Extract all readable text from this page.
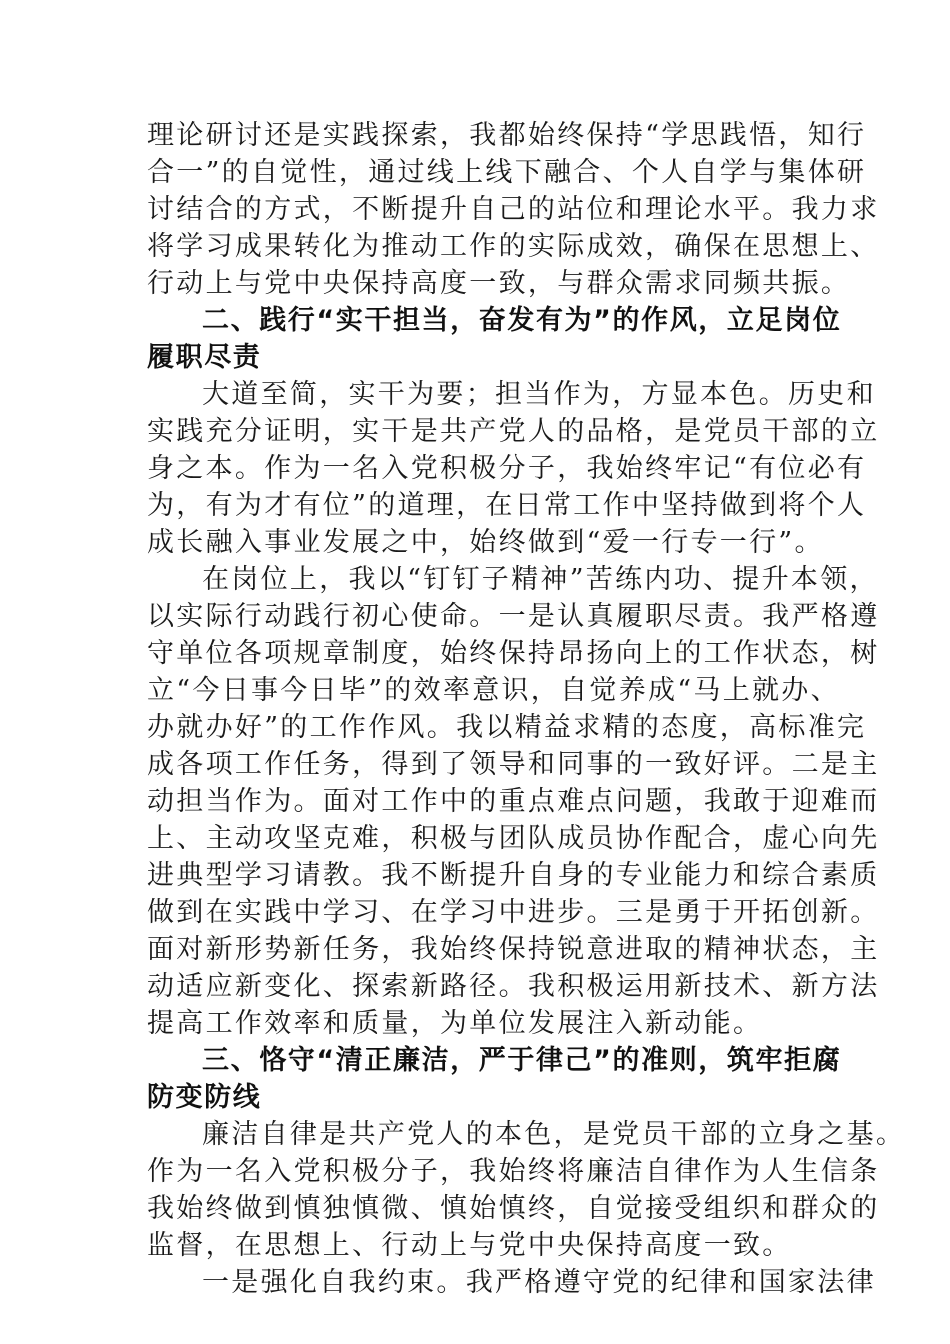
理论研讨还是实践探索，我都始终保持“学思践悟，知行
合一”的自觉性，通过线上线下融合、个人自学与集体研
讨结合的方式，不断提升自己的站位和理论水平。我力求
将学习成果转化为推动工作的实际成效，确保在思想上、
行动上与党中央保持高度一致，与群众需求同频共振。
二、践行“实干担当，奋发有为”的作风，立足岗位
履职尽责
大道至简，实干为要；担当作为，方显本色。历史和
实践充分证明，实干是共产党人的品格，是党员干部的立
身之本。作为一名入党积极分子，我始终牢记“有位必有
为，有为才有位”的道理，在日常工作中坚持做到将个人
成长融入事业发展之中，始终做到“爱一行专一行”。
在岗位上，我以“钉钉子精神”苦练内功、提升本领，
以实际行动践行初心使命。一是认真履职尽责。我严格遵
守单位各项规章制度，始终保持昂扬向上的工作状态，树
立“今日事今日毕”的效率意识，自觉养成“马上就办、
办就办好”的工作作风。我以精益求精的态度，高标准完
成各项工作任务，得到了领导和同事的一致好评。二是主
动担当作为。面对工作中的重点难点问题，我敢于迎难而
上、主动攻坚克难，积极与团队成员协作配合，虚心向先
进典型学习请教。我不断提升自身的专业能力和综合素质
做到在实践中学习、在学习中进步。三是勇于开拓创新。
面对新形势新任务，我始终保持锐意进取的精神状态，主
动适应新变化、探索新路径。我积极运用新技术、新方法
提高工作效率和质量，为单位发展注入新动能。
三、恪守“清正廉洁，严于律己”的准则，筑牢拒腐
防变防线
廉洁自律是共产党人的本色，是党员干部的立身之基。
作为一名入党积极分子，我始终将廉洁自律作为人生信条
我始终做到慎独慎微、慎始慎终，自觉接受组织和群众的
监督，在思想上、行动上与党中央保持高度一致。
一是强化自我约束。我严格遵守党的纪律和国家法律
